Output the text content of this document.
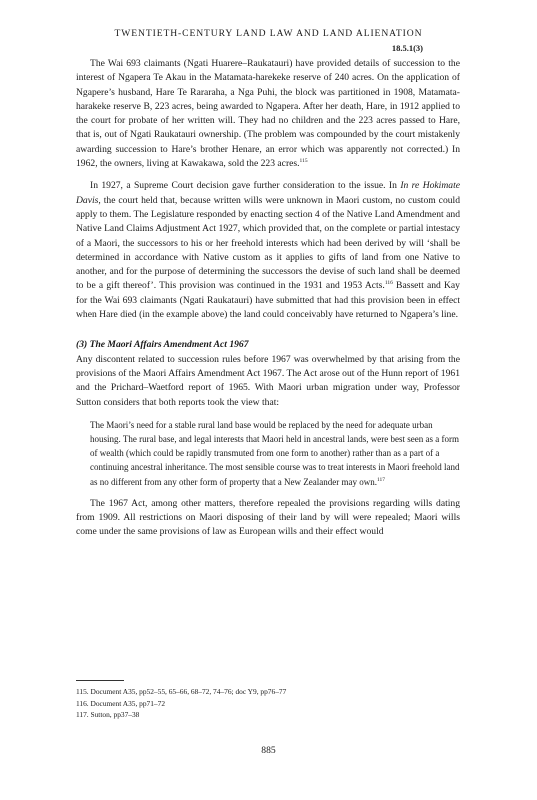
TWENTIETH-CENTURY LAND LAW AND LAND ALIENATION
18.5.1(3)

The Wai 693 claimants (Ngati Huarere–Raukatauri) have provided details of succession to the interest of Ngapera Te Akau in the Matamata-harekeke reserve of 240 acres. On the application of Ngapere’s husband, Hare Te Rararaha, a Nga Puhi, the block was partitioned in 1908, Matamata-harakeke reserve B, 223 acres, being awarded to Ngapera. After her death, Hare, in 1912 applied to the court for probate of her written will. They had no children and the 223 acres passed to Hare, that is, out of Ngati Raukatauri ownership. (The problem was compounded by the court mistakenly awarding succession to Hare’s brother Henare, an error which was apparently not corrected.) In 1962, the owners, living at Kawakawa, sold the 223 acres.$^{115}$

In 1927, a Supreme Court decision gave further consideration to the issue. In In re Hokimate Davis, the court held that, because written wills were unknown in Maori custom, no custom could apply to them. The Legislature responded by enacting section 4 of the Native Land Amendment and Native Land Claims Adjustment Act 1927, which provided that, on the complete or partial intestacy of a Maori, the successors to his or her freehold interests which had been derived by will ‘shall be determined in accordance with Native custom as it applies to gifts of land from one Native to another, and for the purpose of determining the successors the devise of such land shall be deemed to be a gift thereof’. This provision was continued in the 1931 and 1953 Acts.$^{116}$ Bassett and Kay for the Wai 693 claimants (Ngati Raukatauri) have submitted that had this provision been in effect when Hare died (in the example above) the land could conceivably have returned to Ngapera’s line.

(3) The Maori Affairs Amendment Act 1967

Any discontent related to succession rules before 1967 was overwhelmed by that arising from the provisions of the Maori Affairs Amendment Act 1967. The Act arose out of the Hunn report of 1961 and the Prichard–Waetford report of 1965. With Maori urban migration under way, Professor Sutton considers that both reports took the view that:

The Maori’s need for a stable rural land base would be replaced by the need for adequate urban housing. The rural base, and legal interests that Maori held in ancestral lands, were best seen as a form of wealth (which could be rapidly transmuted from one form to another) rather than as a part of a continuing ancestral inheritance. The most sensible course was to treat interests in Maori freehold land as no different from any other form of property that a New Zealander may own.$^{117}$

The 1967 Act, among other matters, therefore repealed the provisions regarding wills dating from 1909. All restrictions on Maori disposing of their land by will were repealed; Maori wills come under the same provisions of law as European wills and their effect would

115. Document A35, pp52–55, 65–66, 68–72, 74–76; doc Y9, pp76–77
116. Document A35, pp71–72
117. Sutton, pp37–38
885
